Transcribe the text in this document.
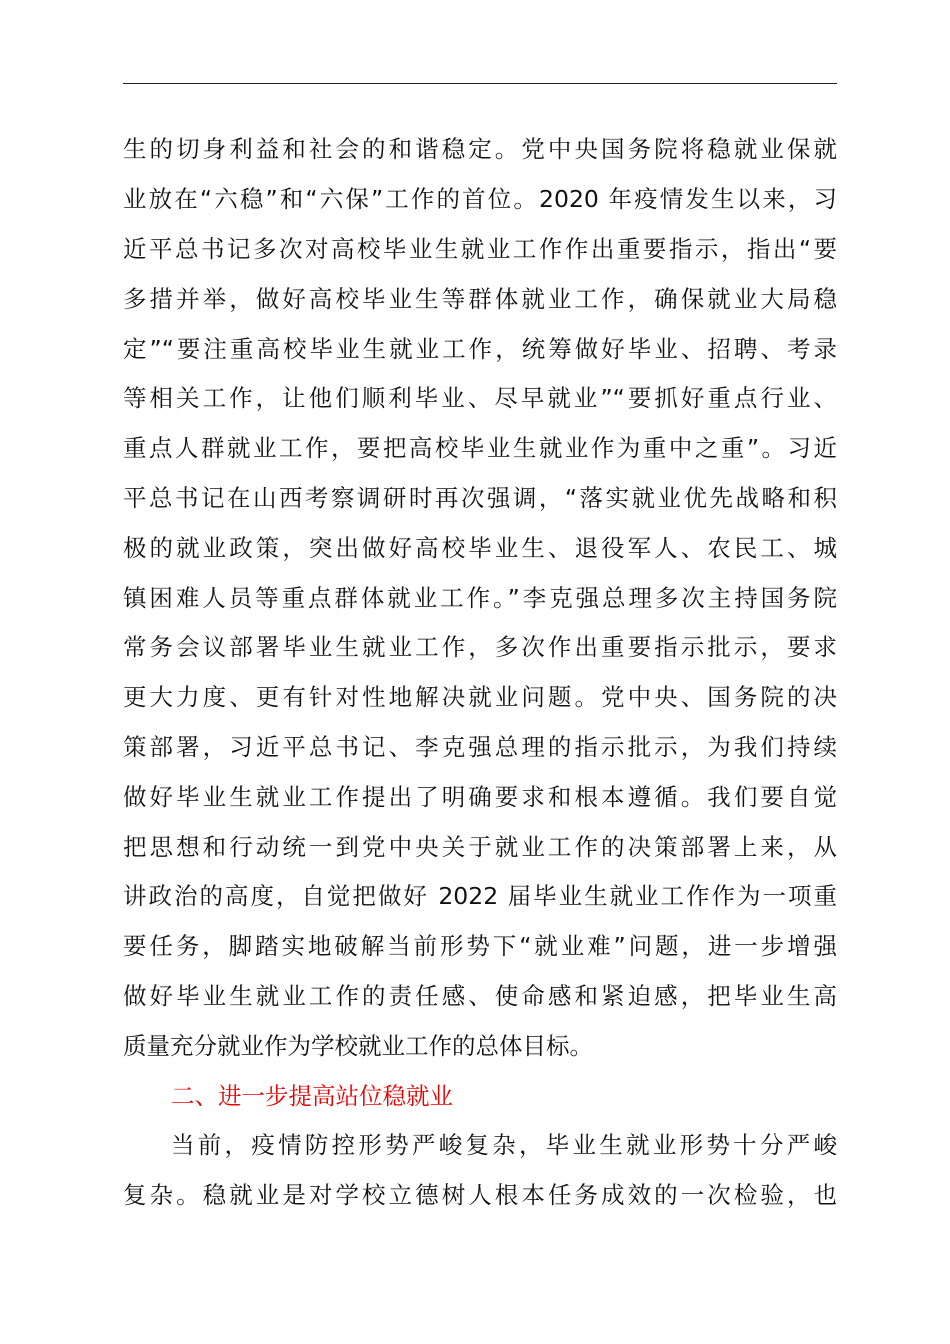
生的切身利益和社会的和谐稳定。党中央国务院将稳就业保就
业放在“六稳”和“六保”工作的首位。2020 年疫情发生以来，习
近平总书记多次对高校毕业生就业工作作出重要指示，指出“要
多措并举，做好高校毕业生等群体就业工作，确保就业大局稳
定”“要注重高校毕业生就业工作，统筹做好毕业、招聘、考录
等相关工作，让他们顺利毕业、尽早就业”“要抓好重点行业、
重点人群就业工作，要把高校毕业生就业作为重中之重”。习近
平总书记在山西考察调研时再次强调，“落实就业优先战略和积
极的就业政策，突出做好高校毕业生、退役军人、农民工、城
镇困难人员等重点群体就业工作。”李克强总理多次主持国务院
常务会议部署毕业生就业工作，多次作出重要指示批示，要求
更大力度、更有针对性地解决就业问题。党中央、国务院的决
策部署，习近平总书记、李克强总理的指示批示，为我们持续
做好毕业生就业工作提出了明确要求和根本遵循。我们要自觉
把思想和行动统一到党中央关于就业工作的决策部署上来，从
讲政治的高度，自觉把做好 2022 届毕业生就业工作作为一项重
要任务，脚踏实地破解当前形势下“就业难”问题，进一步增强
做好毕业生就业工作的责任感、使命感和紧迫感，把毕业生高
质量充分就业作为学校就业工作的总体目标。
二、进一步提高站位稳就业
当前，疫情防控形势严峻复杂，毕业生就业形势十分严峻
复杂。稳就业是对学校立德树人根本任务成效的一次检验，也
